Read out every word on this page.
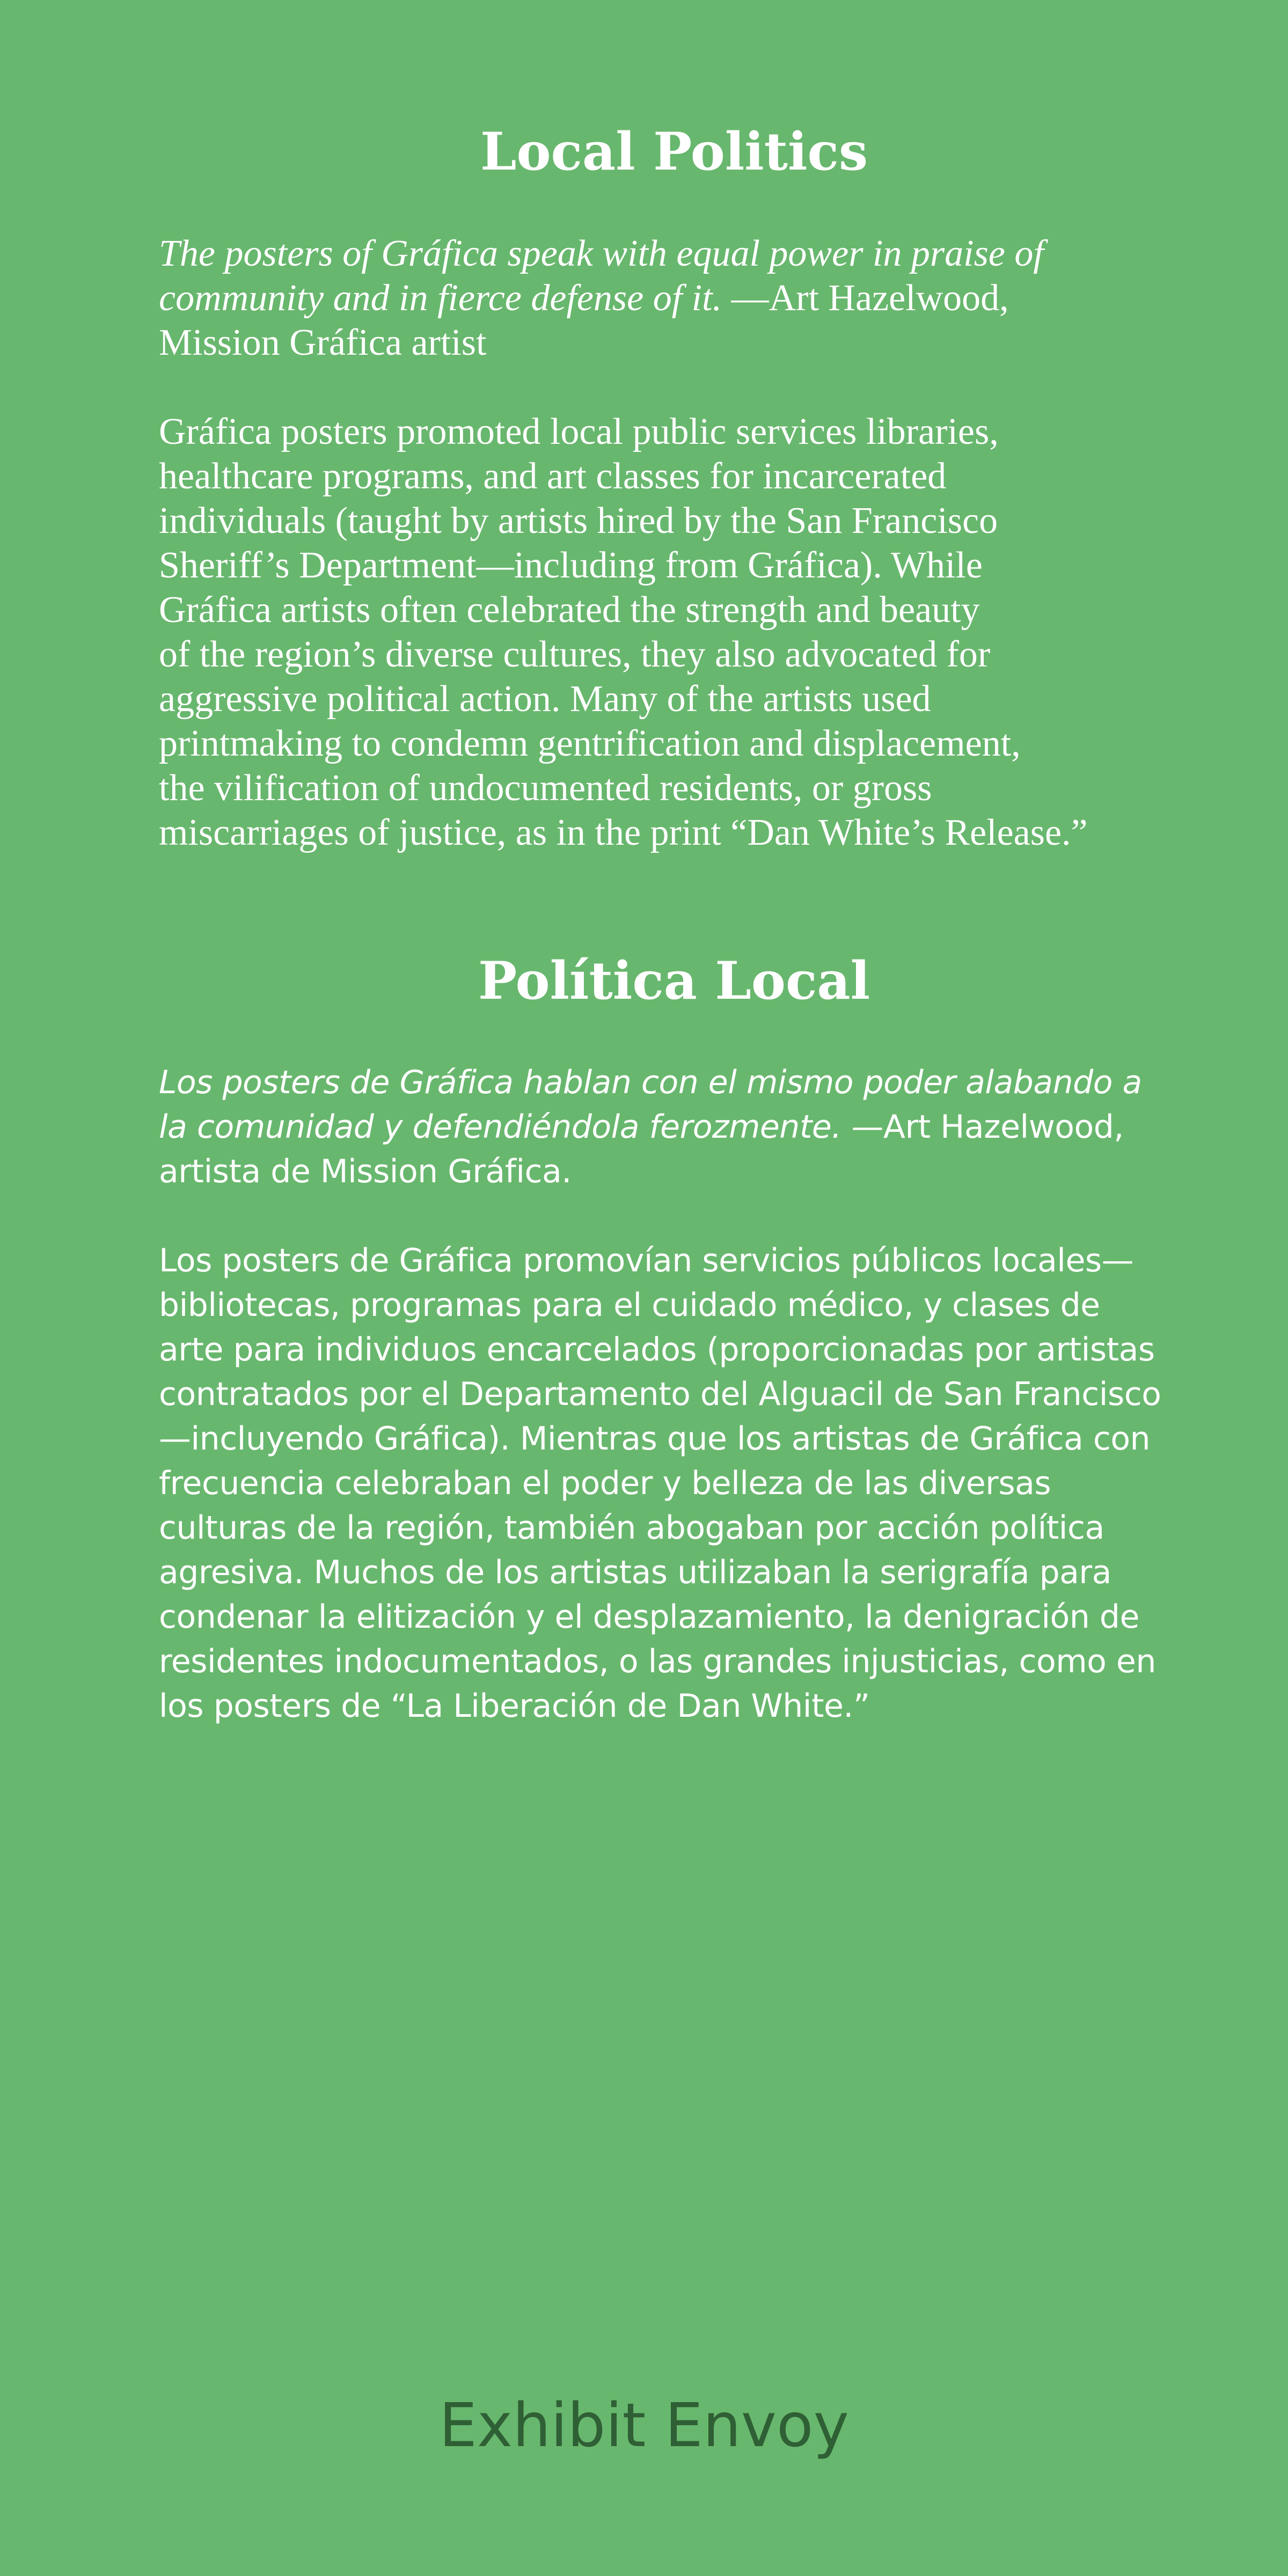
Local Politics

The posters of Gráfica speak with equal power in praise of
community and in fierce defense of it. —Art Hazelwood,
Mission Gráfica artist

Gráfica posters promoted local public services libraries,
healthcare programs, and art classes for incarcerated
individuals (taught by artists hired by the San Francisco
Sheriff’s Department—including from Gráfica). While
Gráfica artists often celebrated the strength and beauty
of the region’s diverse cultures, they also advocated for
aggressive political action. Many of the artists used
printmaking to condemn gentrification and displacement,
the vilification of undocumented residents, or gross
miscarriages of justice, as in the print “Dan White’s Release.”

Política Local

Los posters de Gráfica hablan con el mismo poder alabando a
la comunidad y defendiéndola ferozmente. —Art Hazelwood,
artista de Mission Gráfica.

Los posters de Gráfica promovían servicios públicos locales—
bibliotecas, programas para el cuidado médico, y clases de
arte para individuos encarcelados (proporcionadas por artistas
contratados por el Departamento del Alguacil de San Francisco
—incluyendo Gráfica). Mientras que los artistas de Gráfica con
frecuencia celebraban el poder y belleza de las diversas
culturas de la región, también abogaban por acción política
agresiva. Muchos de los artistas utilizaban la serigrafía para
condenar la elitización y el desplazamiento, la denigración de
residentes indocumentados, o las grandes injusticias, como en
los posters de “La Liberación de Dan White.”

Exhibit Envoy
